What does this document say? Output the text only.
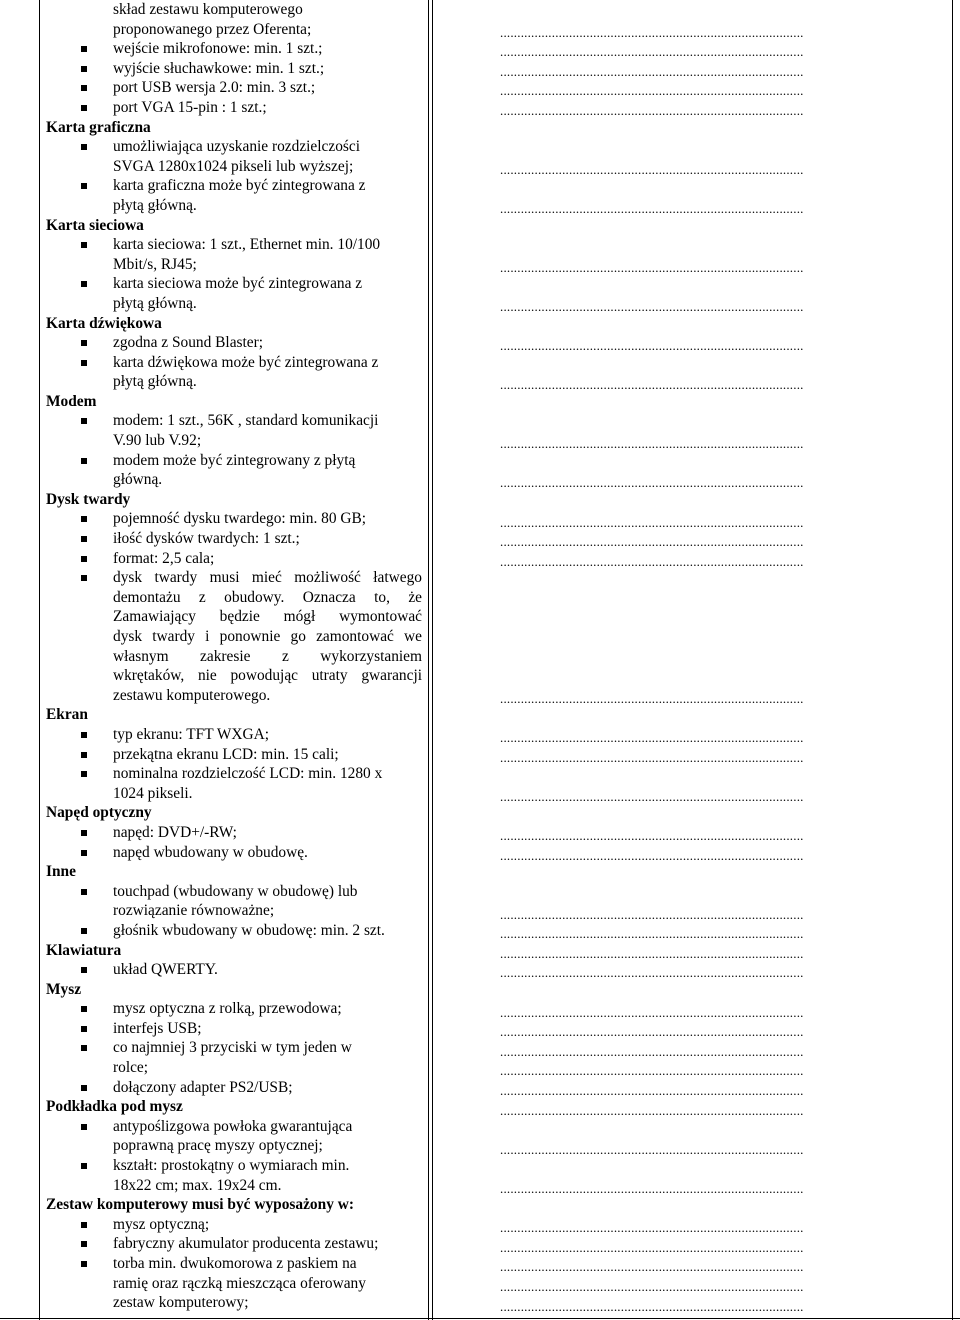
skład zestawu komputerowego
proponowanego przez Oferenta;
wejście mikrofonowe: min. 1 szt.;
wyjście słuchawkowe: min. 1 szt.;
port USB wersja 2.0: min. 3 szt.;
port VGA 15-pin : 1 szt.;
Karta graficzna
umożliwiająca uzyskanie rozdzielczości
SVGA 1280x1024 pikseli lub wyższej;
karta graficzna może być zintegrowana z
płytą główną.
Karta sieciowa
karta sieciowa: 1 szt., Ethernet min. 10/100
Mbit/s, RJ45;
karta sieciowa może być zintegrowana z
płytą główną.
Karta dźwiękowa
zgodna z Sound Blaster;
karta dźwiękowa może być zintegrowana z
płytą główną.
Modem
modem: 1 szt., 56K , standard komunikacji
V.90 lub V.92;
modem może być zintegrowany z płytą
główną.
Dysk twardy
pojemność dysku twardego: min. 80 GB;
iłość dysków twardych: 1 szt.;
format: 2,5 cala;
dysk twardy musi mieć możliwość łatwego
demontażu z obudowy. Oznacza to, że
Zamawiający będzie mógł wymontować
dysk twardy i ponownie go zamontować we
własnym zakresie z wykorzystaniem
wkrętaków, nie powodując utraty gwarancji
zestawu komputerowego.
Ekran
typ ekranu: TFT WXGA;
przekątna ekranu LCD: min. 15 cali;
nominalna rozdzielczość LCD: min. 1280 x
1024 pikseli.
Napęd optyczny
napęd: DVD+/-RW;
napęd wbudowany w obudowę.
Inne
touchpad (wbudowany w obudowę) lub
rozwiązanie równoważne;
głośnik wbudowany w obudowę: min. 2 szt.
Klawiatura
układ QWERTY.
Mysz
mysz optyczna z rolką, przewodowa;
interfejs USB;
co najmniej 3 przyciski w tym jeden w
rolce;
dołączony adapter PS2/USB;
Podkładka pod mysz
antypoślizgowa powłoka gwarantująca
poprawną pracę myszy optycznej;
kształt: prostokątny o wymiarach min.
18x22 cm; max. 19x24 cm.
Zestaw komputerowy musi być wyposażony w:
mysz optyczną;
fabryczny akumulator producenta zestawu;
torba min. dwukomorowa z paskiem na
ramię oraz rączką mieszcząca oferowany
zestaw komputerowy;
........................................................................................
........................................................................................
........................................................................................
........................................................................................
........................................................................................
........................................................................................
........................................................................................
........................................................................................
........................................................................................
........................................................................................
........................................................................................
........................................................................................
........................................................................................
........................................................................................
........................................................................................
........................................................................................
........................................................................................
........................................................................................
........................................................................................
........................................................................................
........................................................................................
........................................................................................
........................................................................................
........................................................................................
........................................................................................
........................................................................................
........................................................................................
........................................................................................
........................................................................................
........................................................................................
........................................................................................
........................................................................................
........................................................................................
........................................................................................
........................................................................................
........................................................................................
........................................................................................
........................................................................................
........................................................................................
